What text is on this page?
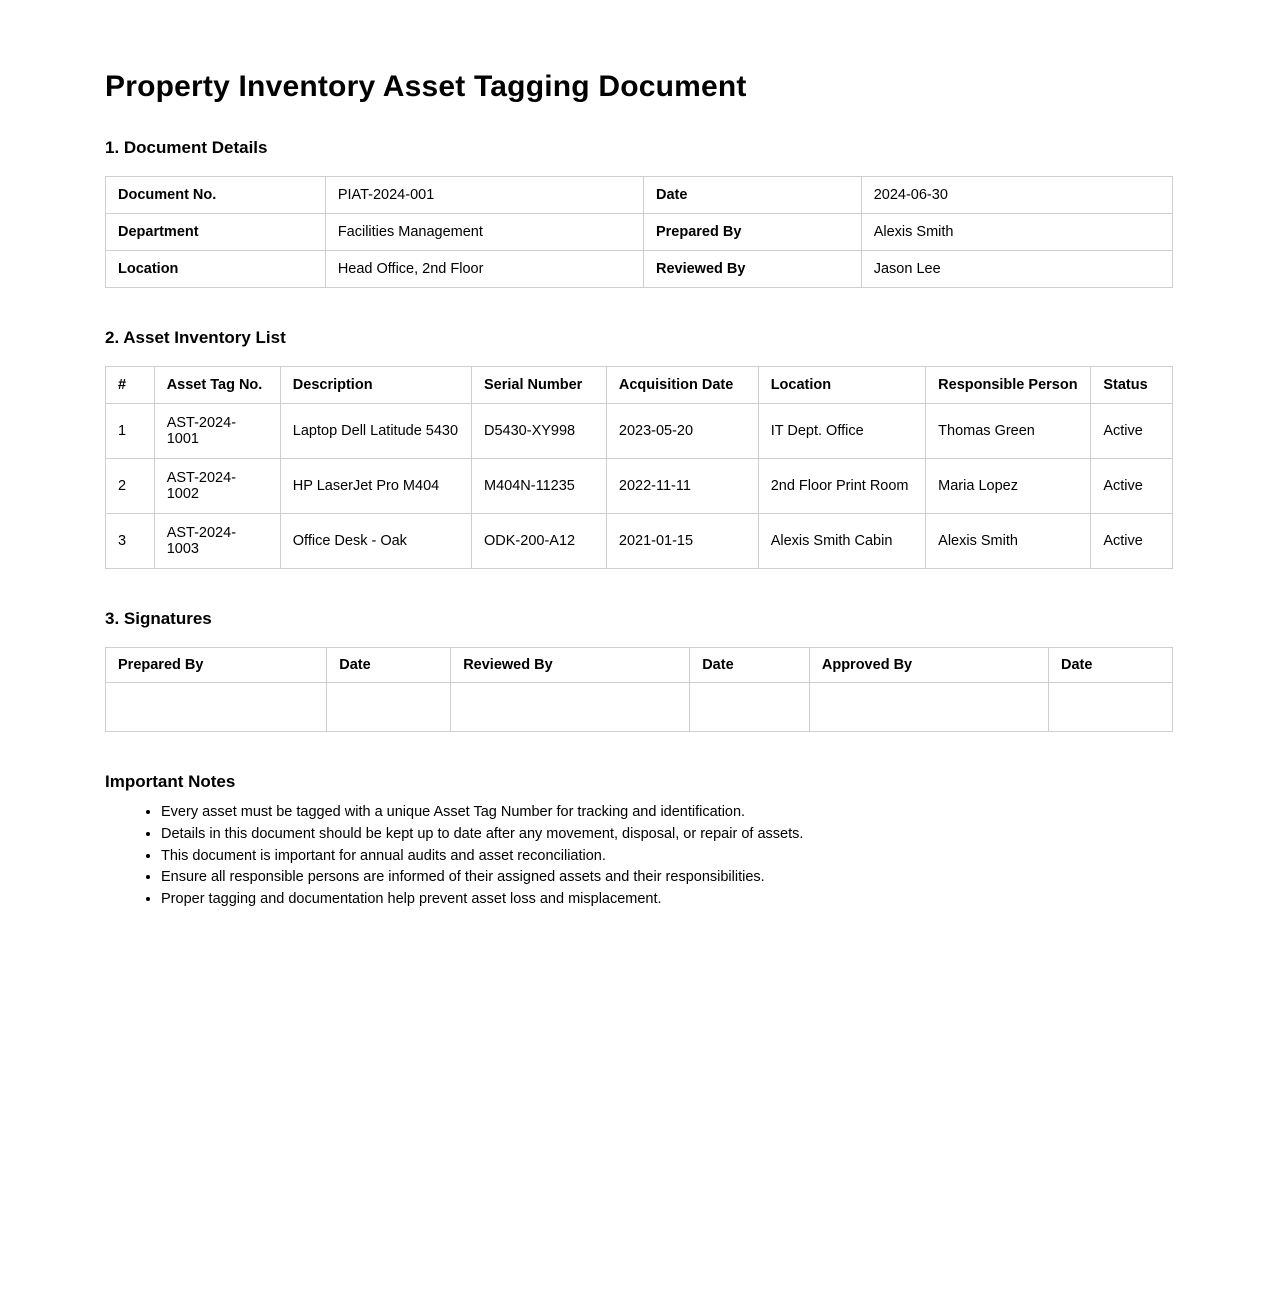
Property Inventory Asset Tagging Document
1. Document Details
Document No.	PIAT-2024-001	Date	2024-06-30
Department	Facilities Management	Prepared By	Alexis Smith
Location	Head Office, 2nd Floor	Reviewed By	Jason Lee
2. Asset Inventory List
#	Asset Tag No.	Description	Serial Number	Acquisition Date	Location	Responsible Person	Status
1	AST-2024-1001	Laptop Dell Latitude 5430	D5430-XY998	2023-05-20	IT Dept. Office	Thomas Green	Active
2	AST-2024-1002	HP LaserJet Pro M404	M404N-11235	2022-11-11	2nd Floor Print Room	Maria Lopez	Active
3	AST-2024-1003	Office Desk - Oak	ODK-200-A12	2021-01-15	Alexis Smith Cabin	Alexis Smith	Active
3. Signatures
Prepared By	Date	Reviewed By	Date	Approved By	Date

Important Notes
• Every asset must be tagged with a unique Asset Tag Number for tracking and identification.
• Details in this document should be kept up to date after any movement, disposal, or repair of assets.
• This document is important for annual audits and asset reconciliation.
• Ensure all responsible persons are informed of their assigned assets and their responsibilities.
• Proper tagging and documentation help prevent asset loss and misplacement.
